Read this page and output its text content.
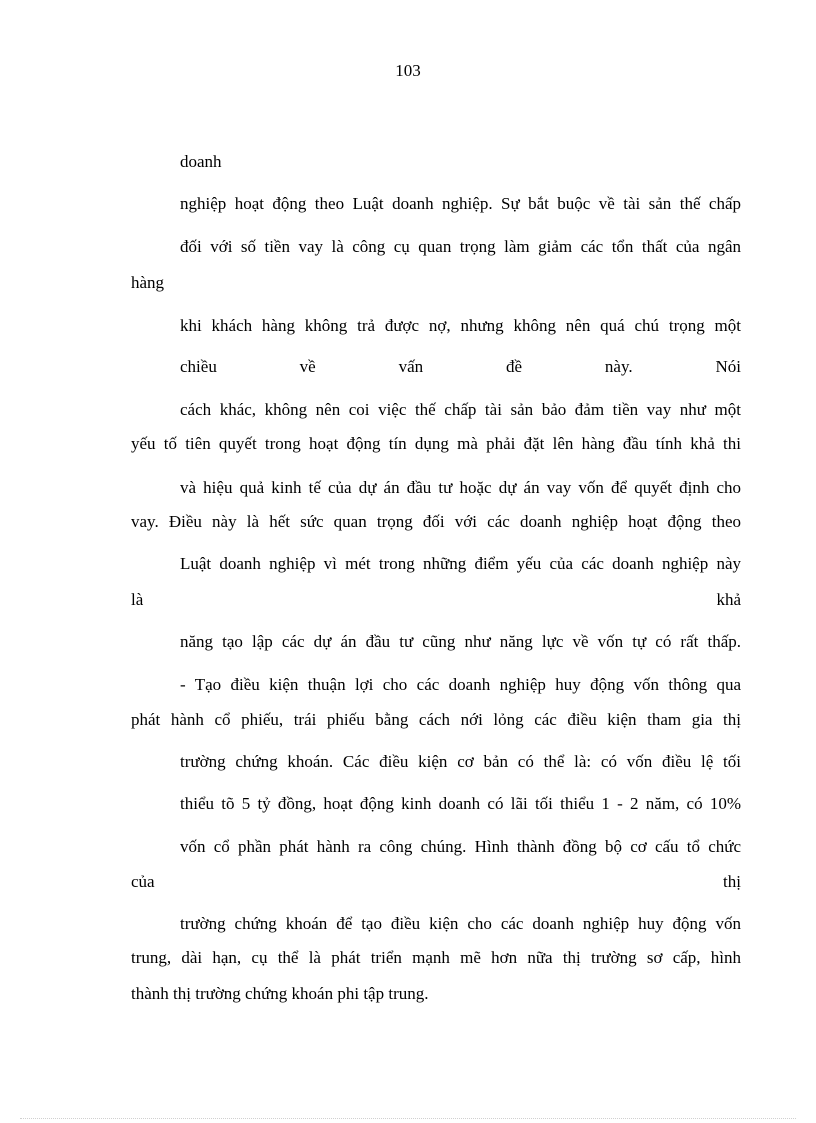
103
doanh
nghiệp hoạt động theo Luật doanh nghiệp. Sự bắt buộc về tài sản thế chấp
đối với số tiền vay là công cụ quan trọng làm giảm các tổn thất của ngân
hàng
khi khách hàng không trả được nợ, nhưng không nên quá chú trọng một
chiều về vấn đề này. Nói
cách khác, không nên coi việc thế chấp tài sản bảo đảm tiền vay như một
yếu tố tiên quyết trong hoạt động tín dụng mà phải đặt lên hàng đầu tính khả thi
và hiệu quả kinh tế của dự án đầu tư hoặc dự án vay vốn để quyết định cho
vay. Điều này là hết sức quan trọng đối với các doanh nghiệp hoạt động theo
Luật doanh nghiệp vì mét trong những điểm yếu của các doanh nghiệp này
là khả
năng tạo lập các dự án đầu tư cũng như năng lực về vốn tự có rất thấp.
- Tạo điều kiện thuận lợi cho các doanh nghiệp huy động vốn thông qua
phát hành cổ phiếu, trái phiếu bằng cách nới lỏng các điều kiện tham gia thị
trường chứng khoán. Các điều kiện cơ bản có thể là: có vốn điều lệ tối
thiểu tõ 5 tỷ đồng, hoạt động kinh doanh có lãi tối thiểu 1 - 2 năm, có 10%
vốn cổ phần phát hành ra công chúng. Hình thành đồng bộ cơ cấu tổ chức
của thị
trường chứng khoán để tạo điều kiện cho các doanh nghiệp huy động vốn
trung, dài hạn, cụ thể là phát triển mạnh mẽ hơn nữa thị trường sơ cấp, hình
thành thị trường chứng khoán phi tập trung.
